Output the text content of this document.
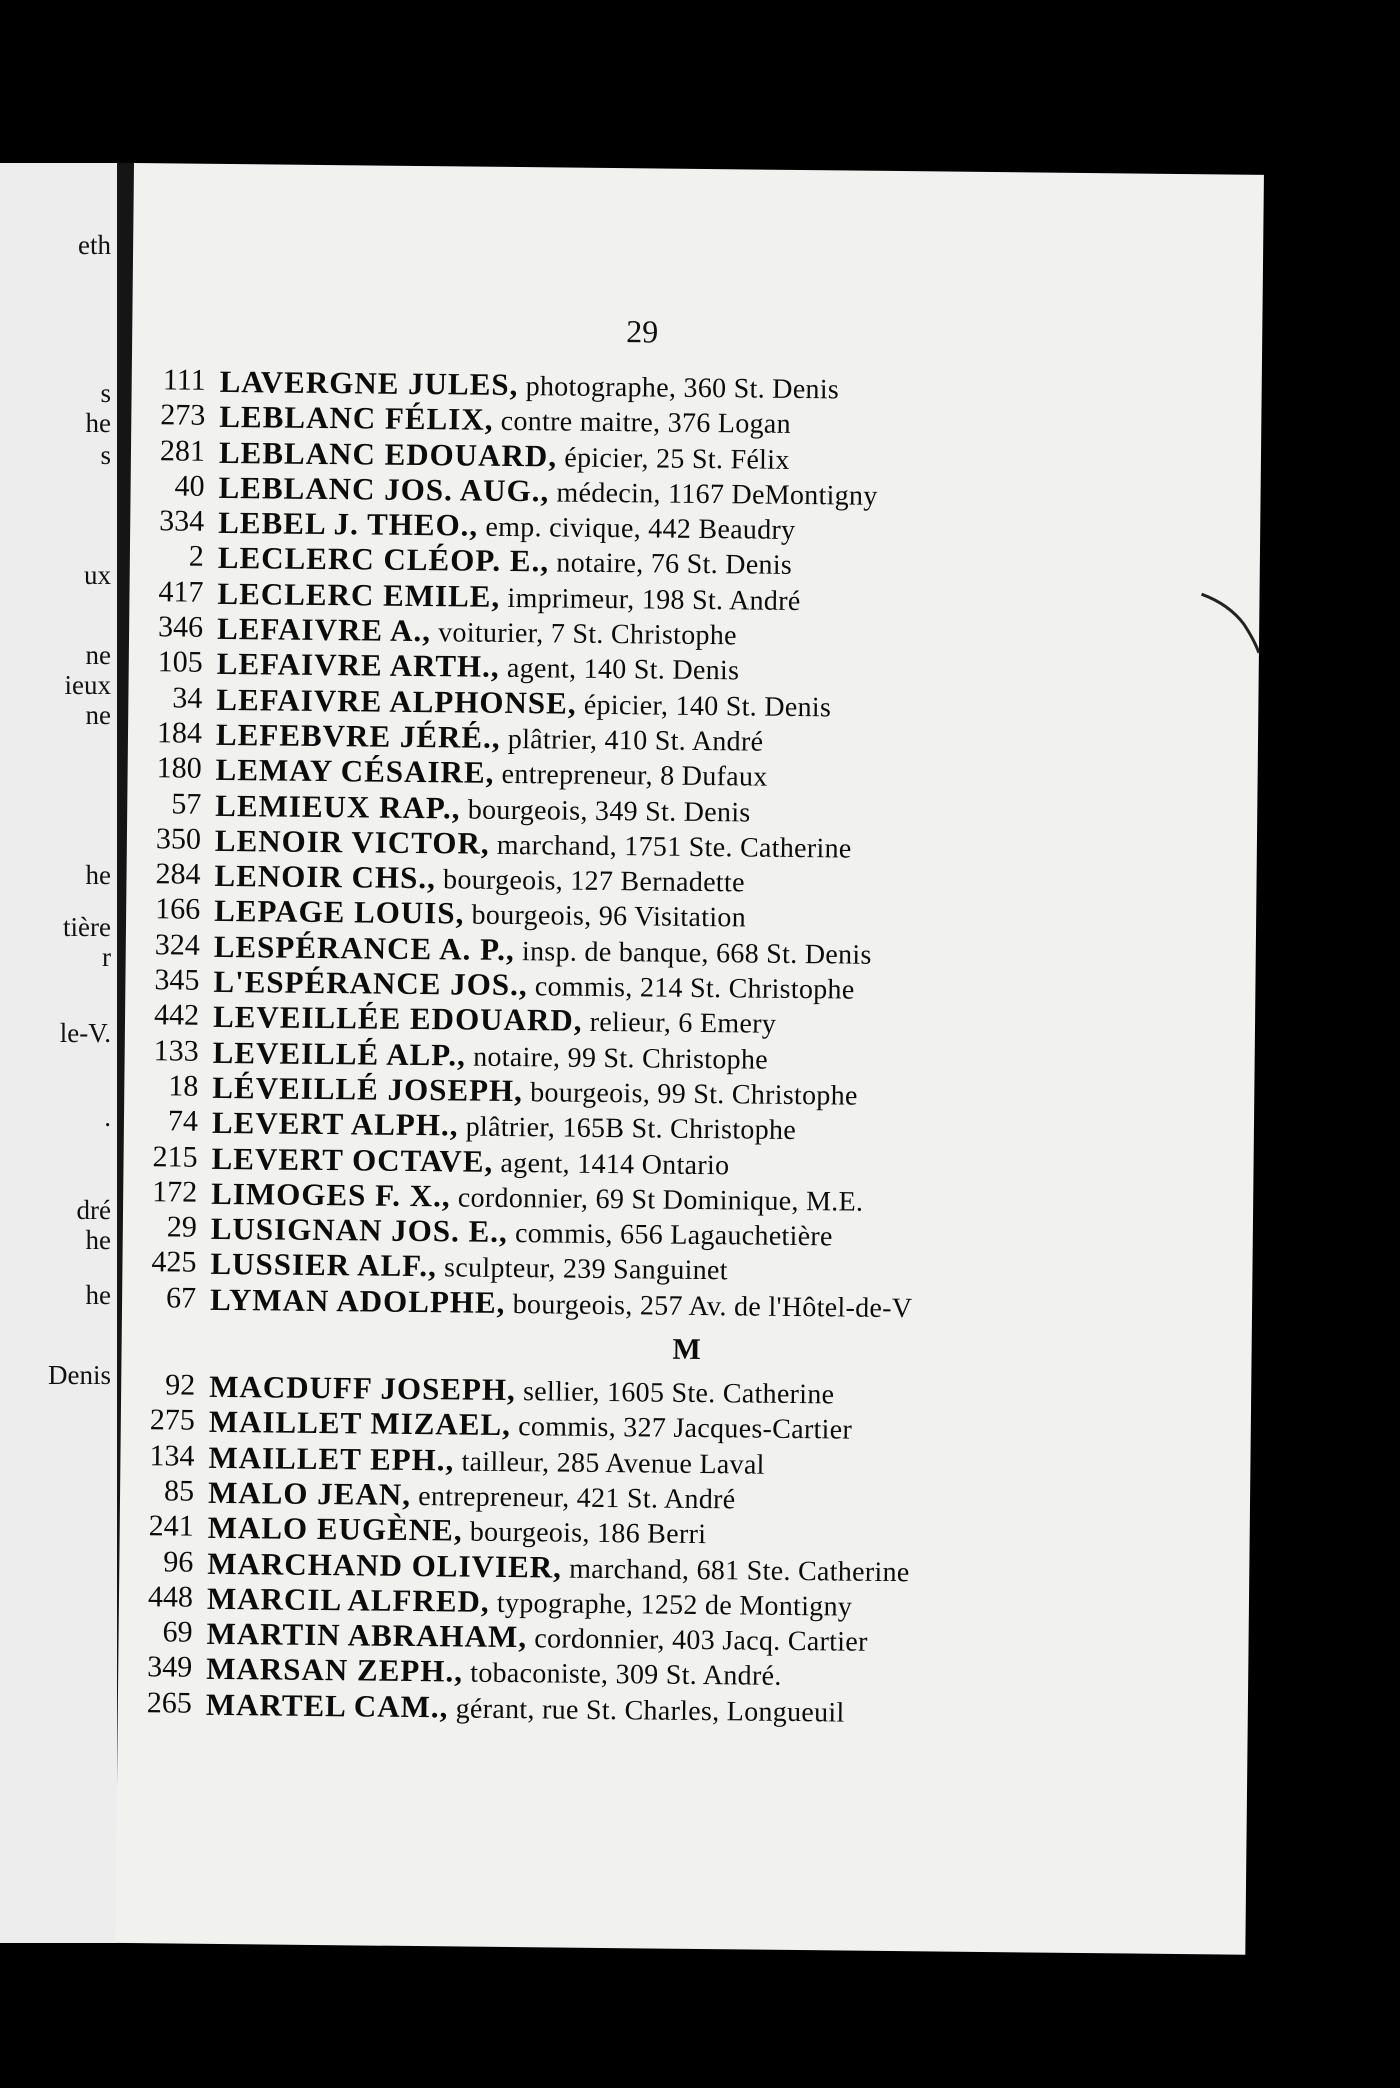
eth
s
he
s
ux
ne
ieux
ne
he
tière
r
le-V.
.
dré
he
he
Denis
29
111 LAVERGNE JULES, photographe, 360 St. Denis
273 LEBLANC FÉLIX, contre maitre, 376 Logan
281 LEBLANC EDOUARD, épicier, 25 St. Félix
40 LEBLANC JOS. AUG., médecin, 1167 DeMontigny
334 LEBEL J. THEO., emp. civique, 442 Beaudry
2 LECLERC CLÉOP. E., notaire, 76 St. Denis
417 LECLERC EMILE, imprimeur, 198 St. André
346 LEFAIVRE A., voiturier, 7 St. Christophe
105 LEFAIVRE ARTH., agent, 140 St. Denis
34 LEFAIVRE ALPHONSE, épicier, 140 St. Denis
184 LEFEBVRE JÉRÉ., plâtrier, 410 St. André
180 LEMAY CÉSAIRE, entrepreneur, 8 Dufaux
57 LEMIEUX RAP., bourgeois, 349 St. Denis
350 LENOIR VICTOR, marchand, 1751 Ste. Catherine
284 LENOIR CHS., bourgeois, 127 Bernadette
166 LEPAGE LOUIS, bourgeois, 96 Visitation
324 LESPÉRANCE A. P., insp. de banque, 668 St. Denis
345 L'ESPÉRANCE JOS., commis, 214 St. Christophe
442 LEVEILLÉE EDOUARD, relieur, 6 Emery
133 LEVEILLÉ ALP., notaire, 99 St. Christophe
18 LÉVEILLÉ JOSEPH, bourgeois, 99 St. Christophe
74 LEVERT ALPH., plâtrier, 165B St. Christophe
215 LEVERT OCTAVE, agent, 1414 Ontario
172 LIMOGES F. X., cordonnier, 69 St Dominique, M.E.
29 LUSIGNAN JOS. E., commis, 656 Lagauchetière
425 LUSSIER ALF., sculpteur, 239 Sanguinet
67 LYMAN ADOLPHE, bourgeois, 257 Av. de l'Hôtel-de-V
M
92 MACDUFF JOSEPH, sellier, 1605 Ste. Catherine
275 MAILLET MIZAEL, commis, 327 Jacques-Cartier
134 MAILLET EPH., tailleur, 285 Avenue Laval
85 MALO JEAN, entrepreneur, 421 St. André
241 MALO EUGÈNE, bourgeois, 186 Berri
96 MARCHAND OLIVIER, marchand, 681 Ste. Catherine
448 MARCIL ALFRED, typographe, 1252 de Montigny
69 MARTIN ABRAHAM, cordonnier, 403 Jacq. Cartier
349 MARSAN ZEPH., tobaconiste, 309 St. André.
265 MARTEL CAM., gérant, rue St. Charles, Longueuil
